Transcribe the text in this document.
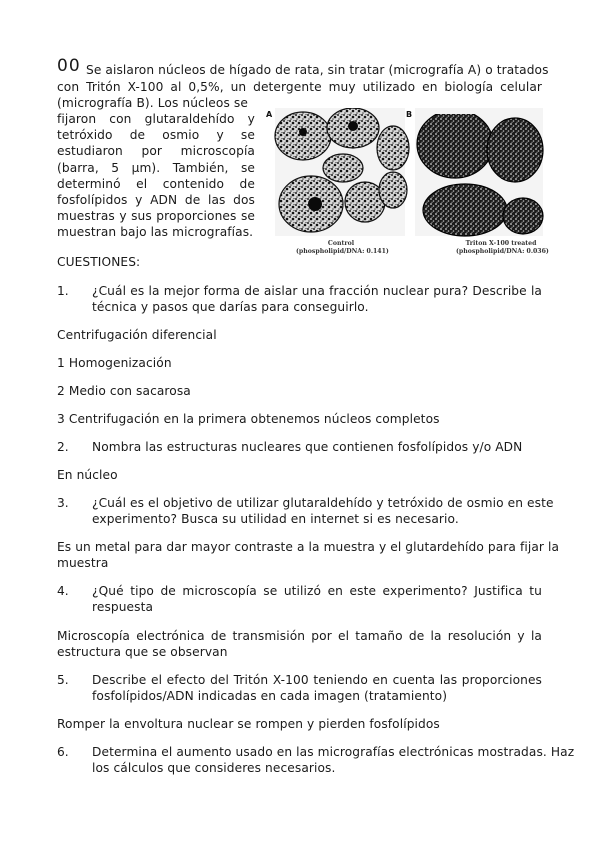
00 Se aislaron núcleos de hígado de rata, sin tratar (micrografía A) o tratados
con Tritón X-100 al 0,5%, un detergente muy utilizado en biología celular
(micrografía B). Los núcleos se
fijaron con glutaraldehído y
tetróxido de osmio y se
estudiaron por microscopía
(barra, 5 µm). También, se
determinó el contenido de
fosfolípidos y ADN de las dos
muestras y sus proporciones se
muestran bajo las micrografías.
A	B
Control
(phospholipid/DNA: 0.141)
Triton X-100 treated
(phospholipid/DNA: 0.036)
CUESTIONES:
1. ¿Cuál es la mejor forma de aislar una fracción nuclear pura? Describe la
técnica y pasos que darías para conseguirlo.
Centrifugación diferencial
1 Homogenización
2 Medio con sacarosa
3 Centrifugación en la primera obtenemos núcleos completos
2. Nombra las estructuras nucleares que contienen fosfolípidos y/o ADN
En núcleo
3. ¿Cuál es el objetivo de utilizar glutaraldehído y tetróxido de osmio en este
experimento? Busca su utilidad en internet si es necesario.
Es un metal para dar mayor contraste a la muestra y el glutardehído para fijar la
muestra
4. ¿Qué tipo de microscopía se utilizó en este experimento? Justifica tu
respuesta
Microscopía electrónica de transmisión por el tamaño de la resolución y la
estructura que se observan
5. Describe el efecto del Tritón X-100 teniendo en cuenta las proporciones
fosfolípidos/ADN indicadas en cada imagen (tratamiento)
Romper la envoltura nuclear se rompen y pierden fosfolípidos
6. Determina el aumento usado en las micrografías electrónicas mostradas. Haz
los cálculos que consideres necesarios.
